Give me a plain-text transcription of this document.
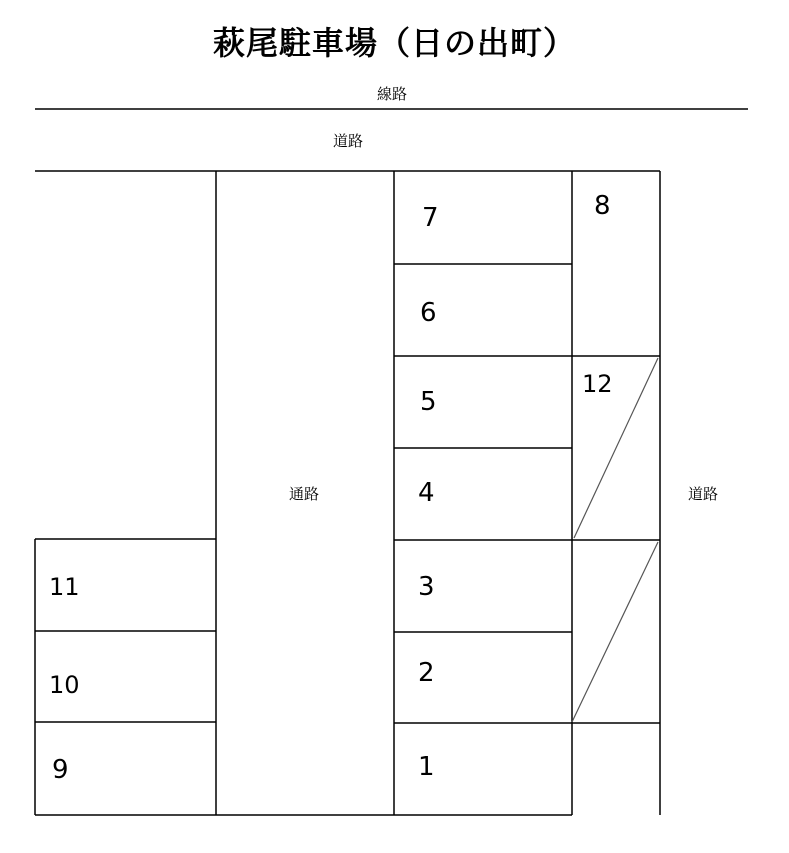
萩尾駐車場（日の出町）
線路
道路
通路	道路
1
2
3
4
5
6
7	8
9
10
11
12
